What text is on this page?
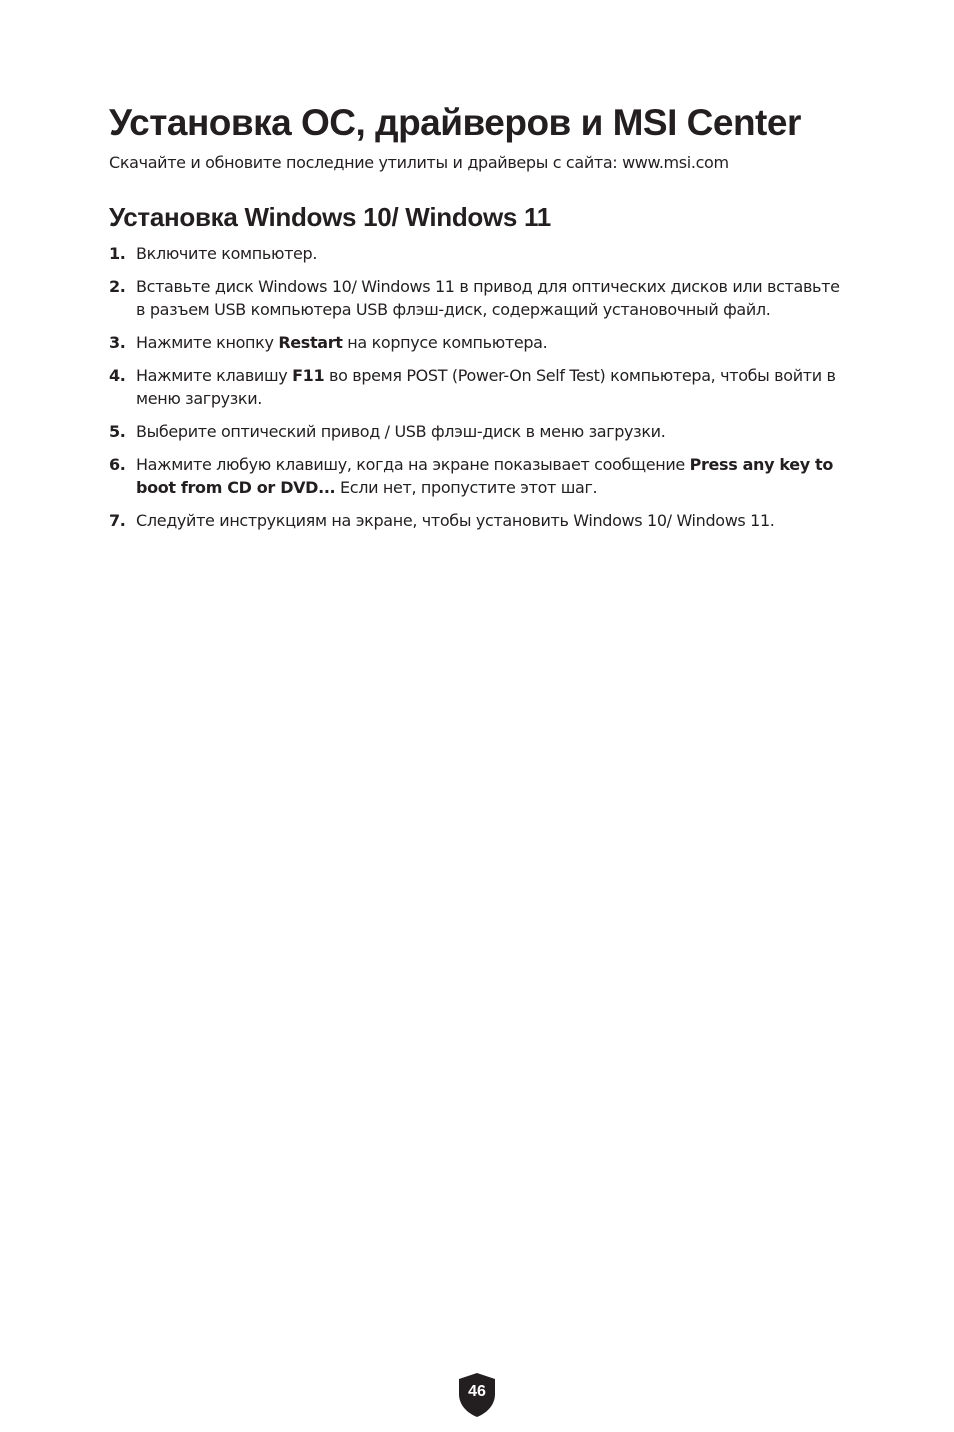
Установка ОС, драйверов и MSI Center

Скачайте и обновите последние утилиты и драйверы с сайта: www.msi.com

Установка Windows 10/ Windows 11
1. Включите компьютер.
2. Вставьте диск Windows 10/ Windows 11 в привод для оптических дисков или вставьте в разъем USB компьютера USB флэш-диск, содержащий установочный файл.
3. Нажмите кнопку Restart на корпусе компьютера.
4. Нажмите клавишу F11 во время POST (Power-On Self Test) компьютера, чтобы войти в меню загрузки.
5. Выберите оптический привод / USB флэш-диск в меню загрузки.
6. Нажмите любую клавишу, когда на экране показывает сообщение Press any key to boot from CD or DVD... Если нет, пропустите этот шаг.
7. Следуйте инструкциям на экране, чтобы установить Windows 10/ Windows 11.
46
